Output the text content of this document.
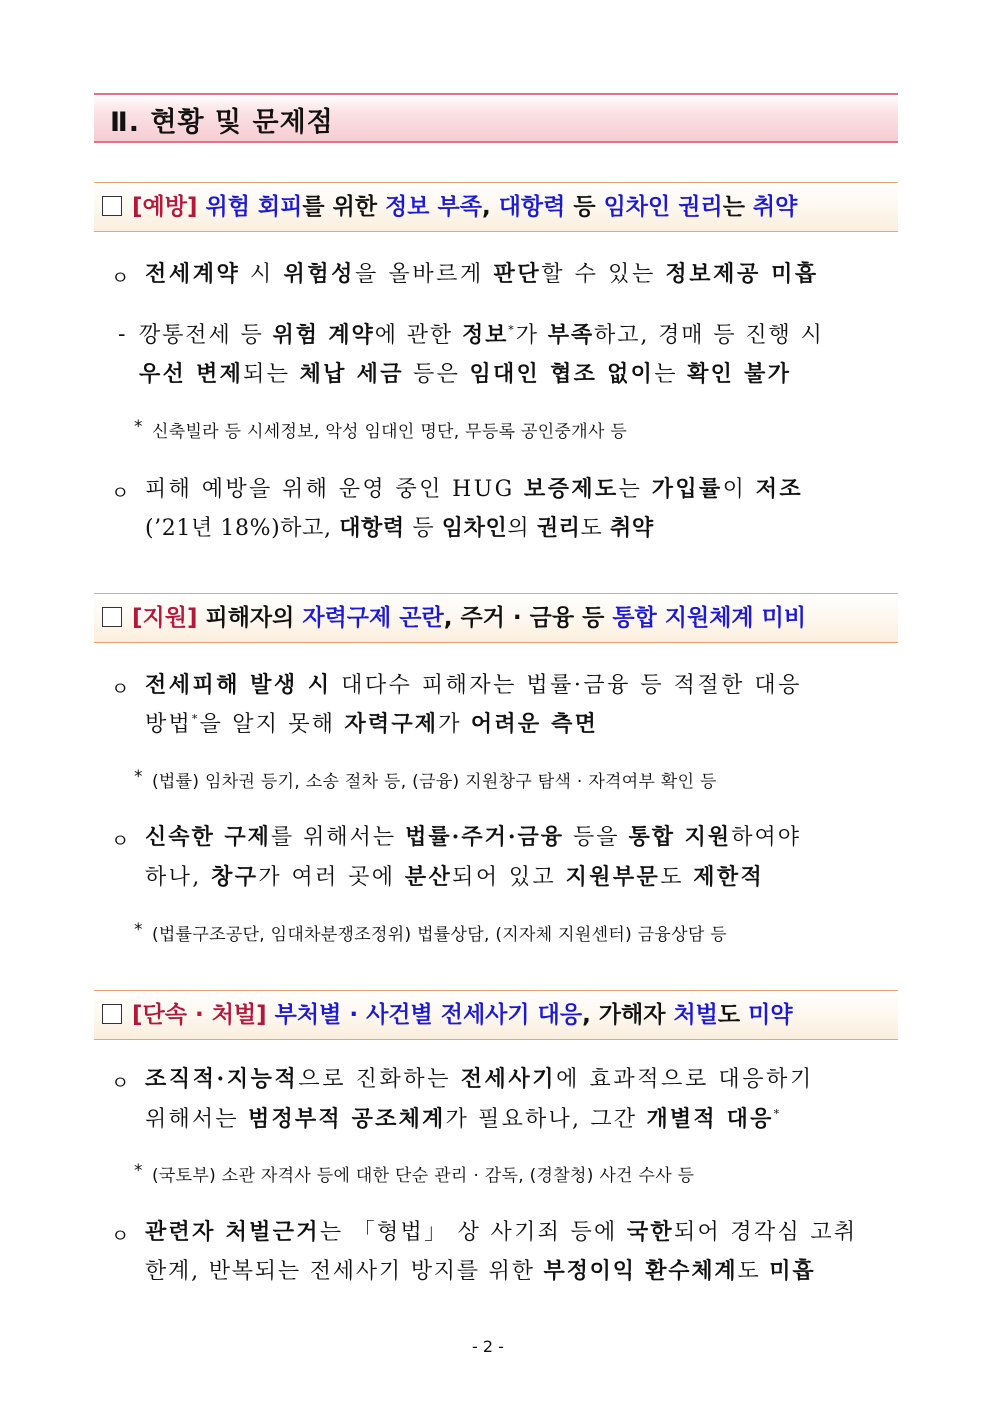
Ⅱ. 현황 및 문제점
[예방] 위험 회피를 위한 정보 부족, 대항력 등 임차인 권리는 취약
ㅇ 전세계약 시 위험성을 올바르게 판단할 수 있는 정보제공 미흡
- 깡통전세 등 위험 계약에 관한 정보*가 부족하고, 경매 등 진행 시
우선 변제되는 체납 세금 등은 임대인 협조 없이는 확인 불가
* 신축빌라 등 시세정보, 악성 임대인 명단, 무등록 공인중개사 등
ㅇ 피해 예방을 위해 운영 중인 HUG 보증제도는 가입률이 저조
(’21년 18%)하고, 대항력 등 임차인의 권리도 취약
[지원] 피해자의 자력구제 곤란, 주거 · 금융 등 통합 지원체계 미비
ㅇ 전세피해 발생 시 대다수 피해자는 법률·금융 등 적절한 대응
방법*을 알지 못해 자력구제가 어려운 측면
* (법률) 임차권 등기, 소송 절차 등, (금융) 지원창구 탐색 · 자격여부 확인 등
ㅇ 신속한 구제를 위해서는 법률·주거·금융 등을 통합 지원하여야
하나, 창구가 여러 곳에 분산되어 있고 지원부문도 제한적
* (법률구조공단, 임대차분쟁조정위) 법률상담, (지자체 지원센터) 금융상담 등
[단속 · 처벌] 부처별 · 사건별 전세사기 대응, 가해자 처벌도 미약
ㅇ 조직적·지능적으로 진화하는 전세사기에 효과적으로 대응하기
위해서는 범정부적 공조체계가 필요하나, 그간 개별적 대응*
* (국토부) 소관 자격사 등에 대한 단순 관리 · 감독, (경찰청) 사건 수사 등
ㅇ 관련자 처벌근거는 「형법」 상 사기죄 등에 국한되어 경각심 고취
한계, 반복되는 전세사기 방지를 위한 부정이익 환수체계도 미흡
- 2 -
